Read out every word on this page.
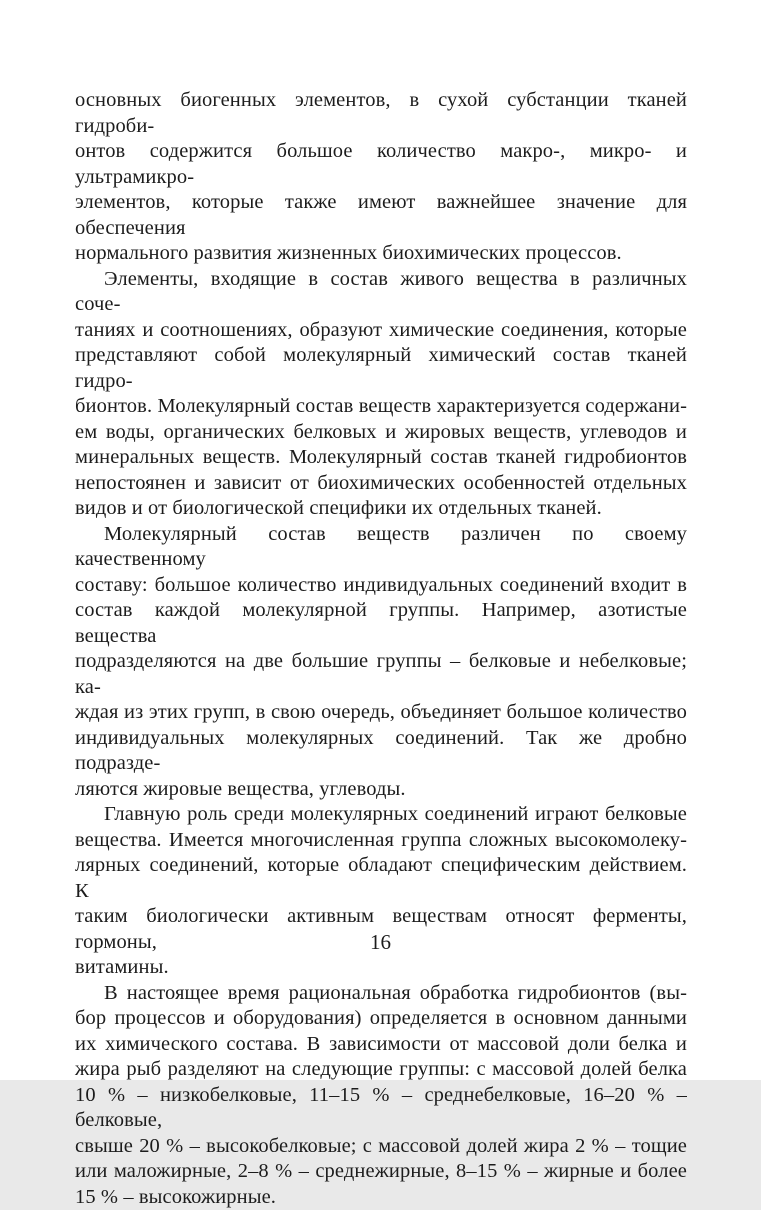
основных биогенных элементов, в сухой субстанции тканей гидроби-
онтов содержится большое количество макро-, микро- и ультрамикро-
элементов, которые также имеют важнейшее значение для обеспечения
нормального развития жизненных биохимических процессов.
Элементы, входящие в состав живого вещества в различных соче-
таниях и соотношениях, образуют химические соединения, которые
представляют собой молекулярный химический состав тканей гидро-
бионтов. Молекулярный состав веществ характеризуется содержани-
ем воды, органических белковых и жировых веществ, углеводов и
минеральных веществ. Молекулярный состав тканей гидробионтов
непостоянен и зависит от биохимических особенностей отдельных
видов и от биологической специфики их отдельных тканей.
Молекулярный состав веществ различен по своему качественному
составу: большое количество индивидуальных соединений входит в
состав каждой молекулярной группы. Например, азотистые вещества
подразделяются на две большие группы – белковые и небелковые; ка-
ждая из этих групп, в свою очередь, объединяет большое количество
индивидуальных молекулярных соединений. Так же дробно подразде-
ляются жировые вещества, углеводы.
Главную роль среди молекулярных соединений играют белковые
вещества. Имеется многочисленная группа сложных высокомолеку-
лярных соединений, которые обладают специфическим действием. К
таким биологически активным веществам относят ферменты, гормоны,
витамины.
В настоящее время рациональная обработка гидробионтов (вы-
бор процессов и оборудования) определяется в основном данными
их химического состава. В зависимости от массовой доли белка и
жира рыб разделяют на следующие группы: с массовой долей белка
10 % – низкобелковые, 11–15 % – среднебелковые, 16–20 % – белковые,
свыше 20 % – высокобелковые; с массовой долей жира 2 % – тощие
или маложирные, 2–8 % – среднежирные, 8–15 % – жирные и более
15 % – высокожирные.
16
